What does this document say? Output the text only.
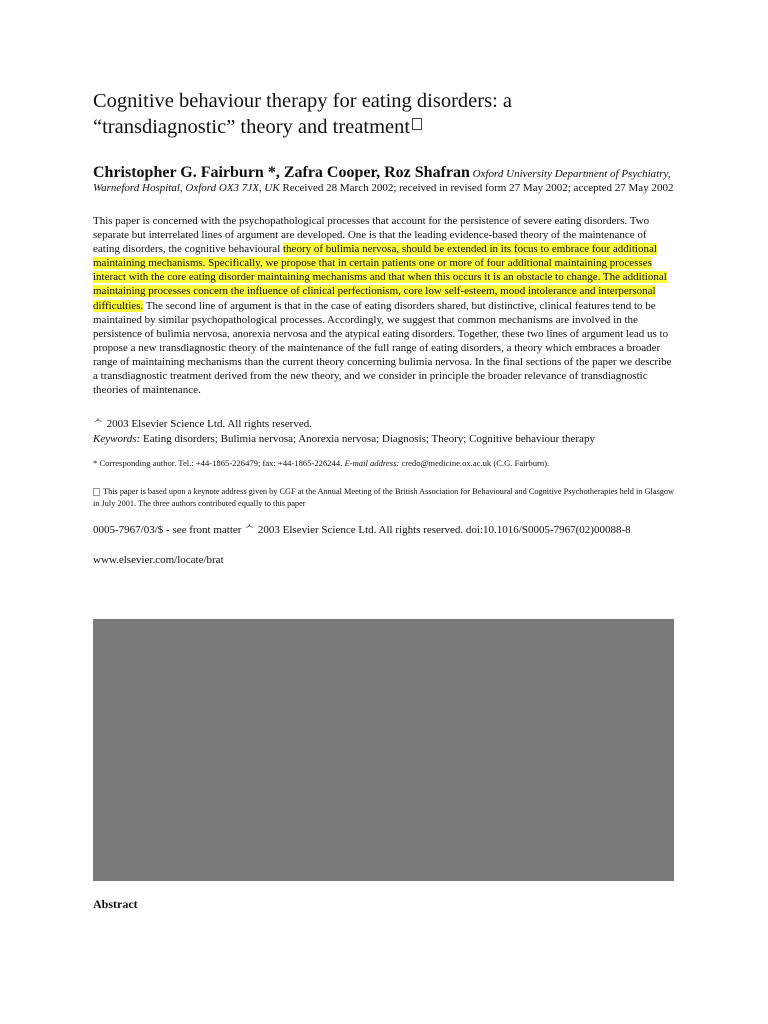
Cognitive behaviour therapy for eating disorders: a
“transdiagnostic” theory and treatment
Christopher G. Fairburn *, Zafra Cooper, Roz Shafran Oxford University Department of Psychiatry, Warneford Hospital, Oxford OX3 7JX, UK Received 28 March 2002; received in revised form 27 May 2002; accepted 27 May 2002
This paper is concerned with the psychopathological processes that account for the persistence of severe eating disorders. Two separate but interrelated lines of argument are developed. One is that the leading evidence-based theory of the maintenance of eating disorders, the cognitive behavioural theory of bulimia nervosa, should be extended in its focus to embrace four additional maintaining mechanisms. Specifically, we propose that in certain patients one or more of four additional maintaining processes interact with the core eating disorder maintaining mechanisms and that when this occurs it is an obstacle to change. The additional maintaining processes concern the influence of clinical perfectionism, core low self-esteem, mood intolerance and interpersonal difficulties. The second line of argument is that in the case of eating disorders shared, but distinctive, clinical features tend to be maintained by similar psychopathological processes. Accordingly, we suggest that common mechanisms are involved in the persistence of bulimia nervosa, anorexia nervosa and the atypical eating disorders. Together, these two lines of argument lead us to propose a new transdiagnostic theory of the maintenance of the full range of eating disorders, a theory which embraces a broader range of maintaining mechanisms than the current theory concerning bulimia nervosa. In the final sections of the paper we describe a transdiagnostic treatment derived from the new theory, and we consider in principle the broader relevance of transdiagnostic theories of maintenance.
ᄉ 2003 Elsevier Science Ltd. All rights reserved.
Keywords: Eating disorders; Bulimia nervosa; Anorexia nervosa; Diagnosis; Theory; Cognitive behaviour therapy
* Corresponding author. Tel.: +44-1865-226479; fax: +44-1865-226244. E-mail address: credo@medicine.ox.ac.uk (C.G. Fairburn).
This paper is based upon a keynote address given by CGF at the Annual Meeting of the British Association for Behavioural and Cognitive Psychotherapies held in Glasgow in July 2001. The three authors contributed equally to this paper
0005-7967/03/$ - see front matter ᄉ 2003 Elsevier Science Ltd. All rights reserved. doi:10.1016/S0005-7967(02)00088-8
www.elsevier.com/locate/brat
Abstract
